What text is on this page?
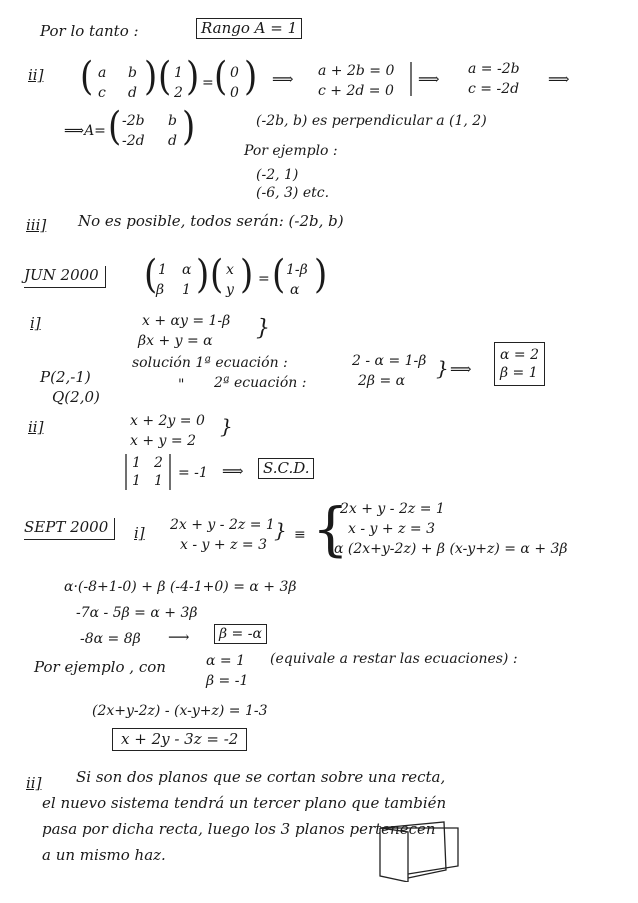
Por lo tanto :	Rango A = 1
ii] ( a b
c d ) ( 1
2 ) = ( 0
0 ) ⟹ a + 2b = 0
c + 2d = 0
⟹
a = -2b
c = -2d
⟹
⟹A= ( -2b b
-2d d )	(-2b, b) es perpendicular a (1, 2)
Por ejemplo :
(-2, 1)
(-6, 3) etc.
iii] No es posible, todos serán: (-2b, b)
JUN 2000 ( 1 α
β 1 ) ( x
y ) = ( 1-β
α )
i]	x + αy = 1-β
βx + y = α }
P(2,-1)
Q(2,0)
solución 1ª ecuación :
" 2ª ecuación :
2 - α = 1-β
2β = α
} ⟹
α = 2
β = 1
ii]	x + 2y = 0
x + y = 2
}
1 2
1 1 = -1 ⟹	S.C.D.
SEPT 2000	i] 2x + y - 2z = 1
x - y + z = 3
} ≡ {
2x + y - 2z = 1
x - y + z = 3
α (2x+y-2z) + β (x-y+z) = α + 3β
α·(-8+1-0) + β (-4-1+0) = α + 3β
-7α - 5β = α + 3β
-8α = 8β ⟶	β = -α
Por ejemplo , con	α = 1
β = -1
(equivale a restar las ecuaciones) :
(2x+y-2z) - (x-y+z) = 1-3
x + 2y - 3z = -2
ii] Si son dos planos que se cortan sobre una recta,
el nuevo sistema tendrá un tercer plano que también
pasa por dicha recta, luego los 3 planos pertenecen
a un mismo haz.
